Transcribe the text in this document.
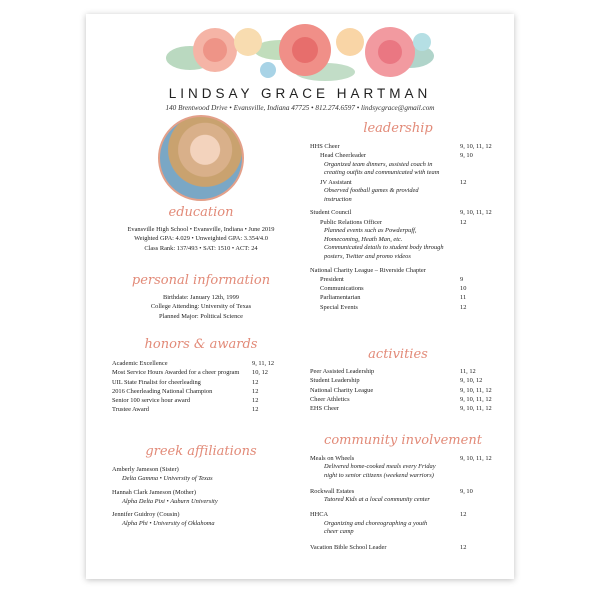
LINDSAY GRACE HARTMAN
140 Brentwood Drive • Evansville, Indiana 47725 • 812.274.6597 • lindsycgrace@gmail.com
education
Evansville High School • Evansville, Indiana • June 2019
Weighted GPA: 4.029 • Unweighted GPA: 3.354/4.0
Class Rank: 137/493 • SAT: 1510 • ACT: 24
personal information
Birthdate: January 12th, 1999
College Attending: University of Texas
Planned Major: Political Science
honors & awards
Academic Excellence	9, 11, 12
Most Service Hours Awarded for a cheer program	10, 12
UIL State Finalist for cheerleading	12
2016 Cheerleading National Champion	12
Senior 100 service hour award	12
Trustee Award	12
greek affiliations
Amberly Jameson (Sister)
Delta Gamma • University of Texas
Hannah Clark Jameson (Mother)
Alpha Delta Pixi • Auburn University
Jennifer Guidroy (Cousin)
Alpha Phi • University of Oklahoma
leadership
HHS Cheer	9, 10, 11, 12
Head Cheerleader	9, 10
Organized team dinners, assisted coach in creating outfits and communicated with team
JV Assistant	12
Observed football games & provided instruction
Student Council	9, 10, 11, 12
Public Relations Officer	12
Planned events such as Powderpuff, Homecoming, Heath Man, etc.
Communicated details to student body through posters, Twitter and promo videos
National Charity League – Riverside Chapter
President	9
Communications	10
Parliamentarian	11
Special Events	12
activities
Peer Assisted Leadership	11, 12
Student Leadership	9, 10, 12
National Charity League	9, 10, 11, 12
Cheer Athletics	9, 10, 11, 12
EHS Cheer	9, 10, 11, 12
community involvement
Meals on Wheels	9, 10, 11, 12
Delivered home-cooked meals every Friday night to senior citizens (weekend warriors)
Rockwall Estates	9, 10
Tutored Kids at a local community center
HHCA	12
Organizing and choreographing a youth cheer camp
Vacation Bible School Leader	12
